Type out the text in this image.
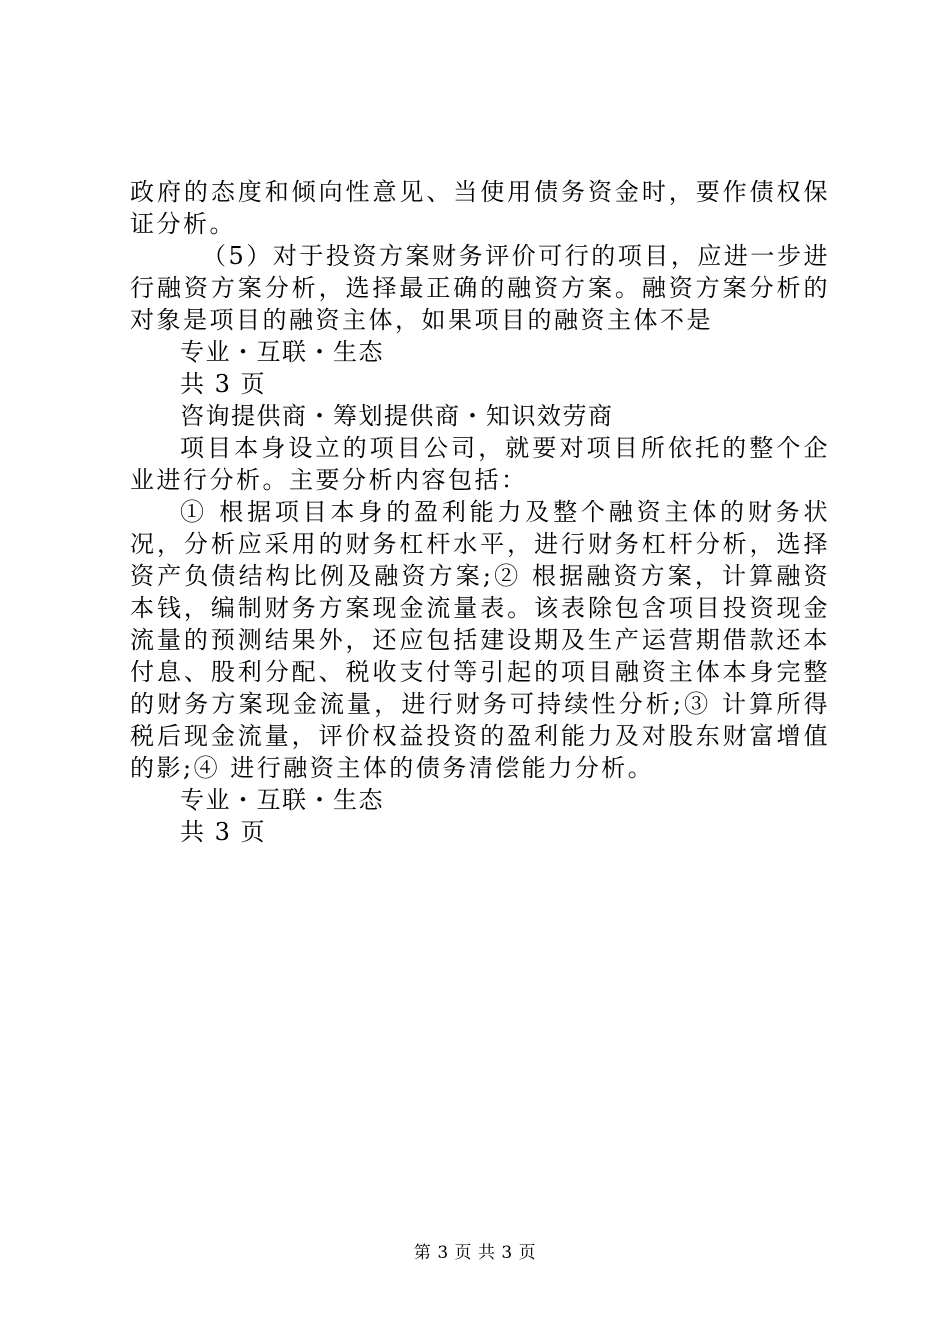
政府的态度和倾向性意见、当使用债务资金时，要作债权保证分析。

（5）对于投资方案财务评价可行的项目，应进一步进行融资方案分析，选择最正确的融资方案。融资方案分析的对象是项目的融资主体，如果项目的融资主体不是

专业・互联・生态

共 3 页

咨询提供商・筹划提供商・知识效劳商

项目本身设立的项目公司，就要对项目所依托的整个企业进行分析。主要分析内容包括：

① 根据项目本身的盈利能力及整个融资主体的财务状况，分析应采用的财务杠杆水平，进行财务杠杆分析，选择资产负债结构比例及融资方案;② 根据融资方案，计算融资本钱，编制财务方案现金流量表。该表除包含项目投资现金流量的预测结果外，还应包括建设期及生产运营期借款还本付息、股利分配、税收支付等引起的项目融资主体本身完整的财务方案现金流量，进行财务可持续性分析;③ 计算所得税后现金流量，评价权益投资的盈利能力及对股东财富增值的影;④ 进行融资主体的债务清偿能力分析。

专业・互联・生态

共 3 页

第 3 页 共 3 页
